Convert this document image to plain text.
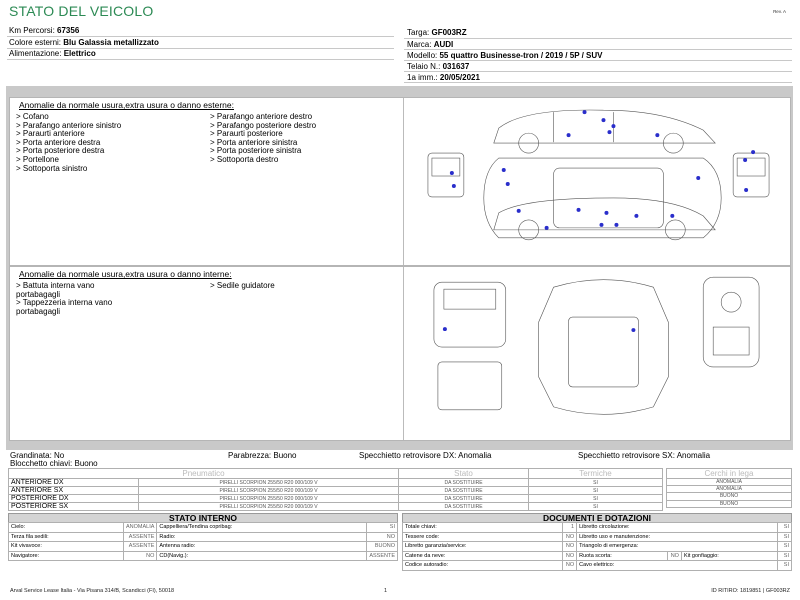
STATO DEL VEICOLO	Rev. A
Km Percorsi: 67356
Colore esterni: Blu Galassia metallizzato
Alimentazione: Elettrico
Targa: GF003RZ
Marca: AUDI
Modello: 55 quattro Businesse-tron / 2019 / 5P / SUV
Telaio N.: 031637
1a imm.: 20/05/2021
Anomalie da normale usura,extra usura o danno esterne:
> Cofano
> Parafango anteriore sinistro
> Paraurti anteriore
> Porta anteriore destra
> Porta posteriore destra
> Portellone
> Sottoporta sinistro
> Parafango anteriore destro
> Parafango posteriore destro
> Paraurti posteriore
> Porta anteriore sinistra
> Porta posteriore sinistra
> Sottoporta destro
Anomalie da normale usura,extra usura o danno interne:
> Battuta interna vano
portabagagli
> Tappezzeria interna vano
portabagagli
> Sedile guidatore
Grandinata: No	Parabrezza: Buono	Specchietto retrovisore DX: Anomalia	Specchietto retrovisore SX: Anomalia
Blocchetto chiavi: Buono
Pneumatico		Stato	Termiche
ANTERIORE DX	PIRELLI SCORPION 255/50 R20 000/109 V	DA SOSTITUIRE	SI
ANTERIORE SX	PIRELLI SCORPION 255/50 R20 000/109 V	DA SOSTITUIRE	SI
POSTERIORE DX	PIRELLI SCORPION 255/50 R20 000/109 V	DA SOSTITUIRE	SI
POSTERIORE SX	PIRELLI SCORPION 255/50 R20 000/109 V	DA SOSTITUIRE	SI
Cerchi in lega
ANOMALIA
ANOMALIA
BUONO
BUONO
STATO INTERNO
Cielo:	ANOMALIA	Cappelliera/Tendina copribag:	SI
Terza fila sedili:	ASSENTE	Radio:	NO
Kit vivavoce:	ASSENTE	Antenna radio:	BUONO
Navigatore:	NO	CD(Navig.):	ASSENTE
DOCUMENTI E DOTAZIONI
Totale chiavi:	1	Libretto circolazione:			SI
Tessere code:	NO	Libretto uso e manutenzione:			SI
Libretto garanzia/service:	NO	Triangolo di emergenza:			SI
Catene da neve:	NO	Ruota scorta:	NO	Kit gonfiaggio:	SI
Codice autoradio:	NO	Cavo elettrico:			SI
Arval Service Lease Italia - Via Pisana 314/B, Scandicci (FI), 50018	1	ID RITIRO: 1819851 | GF003RZ
